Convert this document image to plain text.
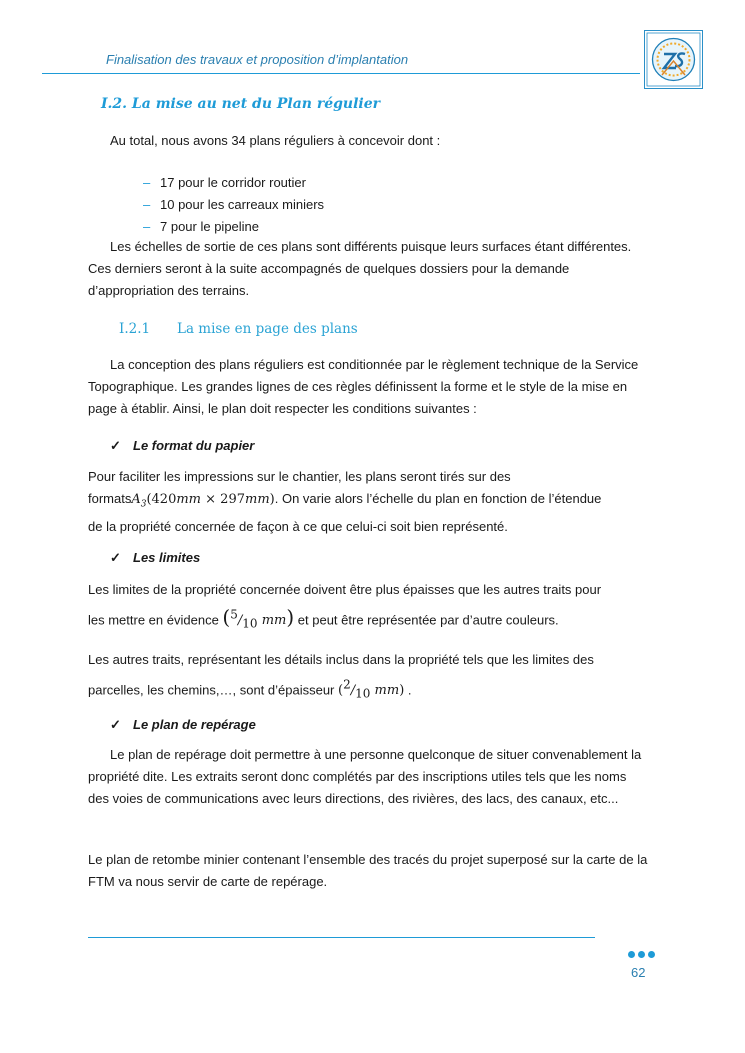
Finalisation des travaux et proposition d’implantation
I.2. La mise au net du Plan régulier
Au total, nous avons 34 plans réguliers à concevoir dont :
– 17 pour le corridor routier
– 10 pour les carreaux miniers
– 7 pour le pipeline
Les échelles de sortie de ces plans sont différents puisque leurs surfaces étant différentes. Ces derniers seront à la suite accompagnés de quelques dossiers pour la demande d’appropriation des terrains.
I.2.1 La mise en page des plans
La conception des plans réguliers est conditionnée par le règlement technique de la Service Topographique. Les grandes lignes de ces règles définissent la forme et le style de la mise en page à établir. Ainsi, le plan doit respecter les conditions suivantes :
✓ Le format du papier
Pour faciliter les impressions sur le chantier, les plans seront tirés sur des
formatsA$_3$(420mm × 297mm). On varie alors l’échelle du plan en fonction de l’étendue
de la propriété concernée de façon à ce que celui-ci soit bien représenté.
✓ Les limites
Les limites de la propriété concernée doivent être plus épaisses que les autres traits pour
les mettre en évidence ($^5/_{10}$ mm) et peut être représentée par d’autre couleurs.
Les autres traits, représentant les détails inclus dans la propriété tels que les limites des
parcelles, les chemins,…, sont d’épaisseur ($^2/_{10}$ mm) .
✓ Le plan de repérage
Le plan de repérage doit permettre à une personne quelconque de situer convenablement la propriété dite. Les extraits seront donc complétés par des inscriptions utiles tels que les noms des voies de communications avec leurs directions, des rivières, des lacs, des canaux, etc...
Le plan de retombe minier contenant l’ensemble des tracés du projet superposé sur la carte de la FTM va nous servir de carte de repérage.
62
